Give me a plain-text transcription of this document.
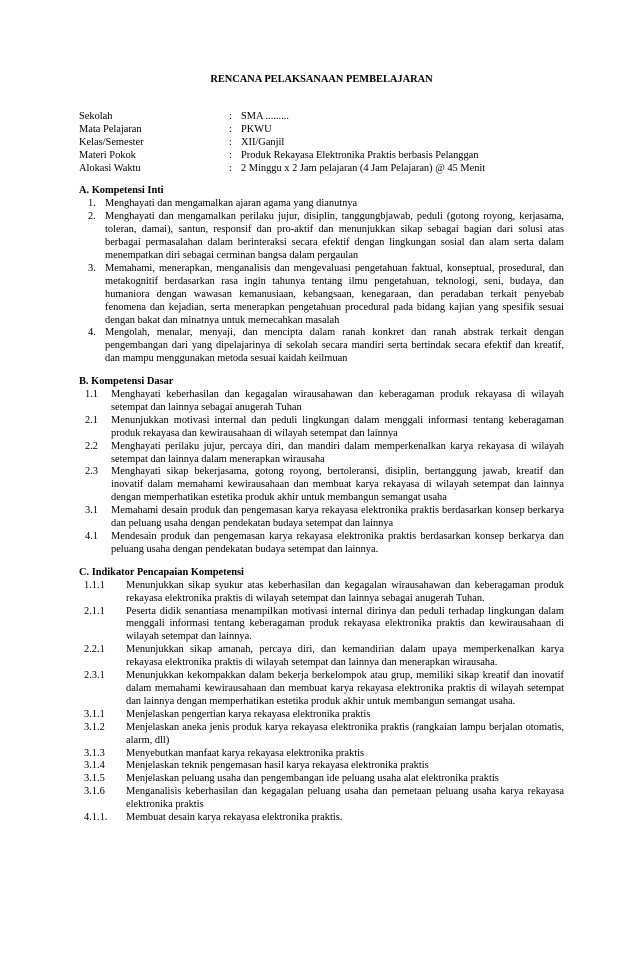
RENCANA PELAKSANAAN PEMBELAJARAN
Sekolah	: SMA .........
Mata Pelajaran	: PKWU
Kelas/Semester	: XII/Ganjil
Materi Pokok	: Produk Rekayasa Elektronika Praktis berbasis Pelanggan
Alokasi Waktu	: 2 Minggu x 2 Jam pelajaran (4 Jam Pelajaran) @ 45 Menit
A. Kompetensi Inti
1. Menghayati dan mengamalkan ajaran agama yang dianutnya
2. Menghayati dan mengamalkan perilaku jujur, disiplin, tanggungbjawab, peduli (gotong royong, kerjasama, toleran, damai), santun, responsif dan pro-aktif dan menunjukkan sikap sebagai bagian dari solusi atas berbagai permasalahan dalam berinteraksi secara efektif dengan lingkungan sosial dan alam serta dalam menempatkan diri sebagai cerminan bangsa dalam pergaulan
3. Memahami, menerapkan, menganalisis dan mengevaluasi pengetahuan faktual, konseptual, prosedural, dan metakognitif berdasarkan rasa ingin tahunya tentang ilmu pengetahuan, teknologi, seni, budaya, dan humaniora dengan wawasan kemanusiaan, kebangsaan, kenegaraan, dan peradaban terkait penyebab fenomena dan kejadian, serta menerapkan pengetahuan procedural pada bidang kajian yang spesifik sesuai dengan bakat dan minatnya untuk memecahkan masalah
4. Mengolah, menalar, menyaji, dan mencipta dalam ranah konkret dan ranah abstrak terkait dengan pengembangan dari yang dipelajarinya di sekolah secara mandiri serta bertindak secara efektif dan kreatif, dan mampu menggunakan metoda sesuai kaidah keilmuan
B. Kompetensi Dasar
1.1	Menghayati keberhasilan dan kegagalan wirausahawan dan keberagaman produk rekayasa di wilayah setempat dan lainnya sebagai anugerah Tuhan
2.1	Menunjukkan motivasi internal dan peduli lingkungan dalam menggali informasi tentang keberagaman produk rekayasa dan kewirausahaan di wilayah setempat dan lainnya
2.2	Menghayati perilaku jujur, percaya diri, dan mandiri dalam memperkenalkan karya rekayasa di wilayah setempat dan lainnya dalam menerapkan wirausaha
2.3	Menghayati sikap bekerjasama, gotong royong, bertoleransi, disiplin, bertanggung jawab, kreatif dan inovatif dalam memahami kewirausahaan dan membuat karya rekayasa di wilayah setempat dan lainnya dengan memperhatikan estetika produk akhir untuk membangun semangat usaha
3.1	Memahami desain produk dan pengemasan karya rekayasa elektronika praktis berdasarkan konsep berkarya dan peluang usaha dengan pendekatan budaya setempat dan lainnya
4.1	Mendesain produk dan pengemasan karya rekayasa elektronika praktis berdasarkan konsep berkarya dan peluang usaha dengan pendekatan budaya setempat dan lainnya.
C. Indikator Pencapaian Kompetensi
1.1.1	Menunjukkan sikap syukur atas keberhasilan dan kegagalan wirausahawan dan keberagaman produk rekayasa elektronika praktis di wilayah setempat dan lainnya sebagai anugerah Tuhan.
2.1.1	Peserta didik senantiasa menampilkan motivasi internal dirinya dan peduli terhadap lingkungan dalam menggali informasi tentang keberagaman produk rekayasa elektronika praktis dan kewirausahaan di wilayah setempat dan lainnya.
2.2.1	Menunjukkan sikap amanah, percaya diri, dan kemandirian dalam upaya memperkenalkan karya rekayasa elektronika praktis di wilayah setempat dan lainnya dan menerapkan wirausaha.
2.3.1	Menunjukkan kekompakkan dalam bekerja berkelompok atau grup, memiliki sikap kreatif dan inovatif dalam memahami kewirausahaan dan membuat karya rekayasa elektronika praktis di wilayah setempat dan lainnya dengan memperhatikan estetika produk akhir untuk membangun semangat usaha.
3.1.1	Menjelaskan pengertian karya rekayasa elektronika praktis
3.1.2	Menjelaskan aneka jenis produk karya rekayasa elektronika praktis (rangkaian lampu berjalan otomatis, alarm, dll)
3.1.3	Menyebutkan manfaat karya rekayasa elektronika praktis
3.1.4	Menjelaskan teknik pengemasan hasil karya rekayasa elektronika praktis
3.1.5	Menjelaskan peluang usaha dan pengembangan ide peluang usaha alat elektronika praktis
3.1.6	Menganalisis keberhasilan dan kegagalan peluang usaha dan pemetaan peluang usaha karya rekayasa elektronika praktis
4.1.1.	Membuat desain karya rekayasa elektronika praktis.
